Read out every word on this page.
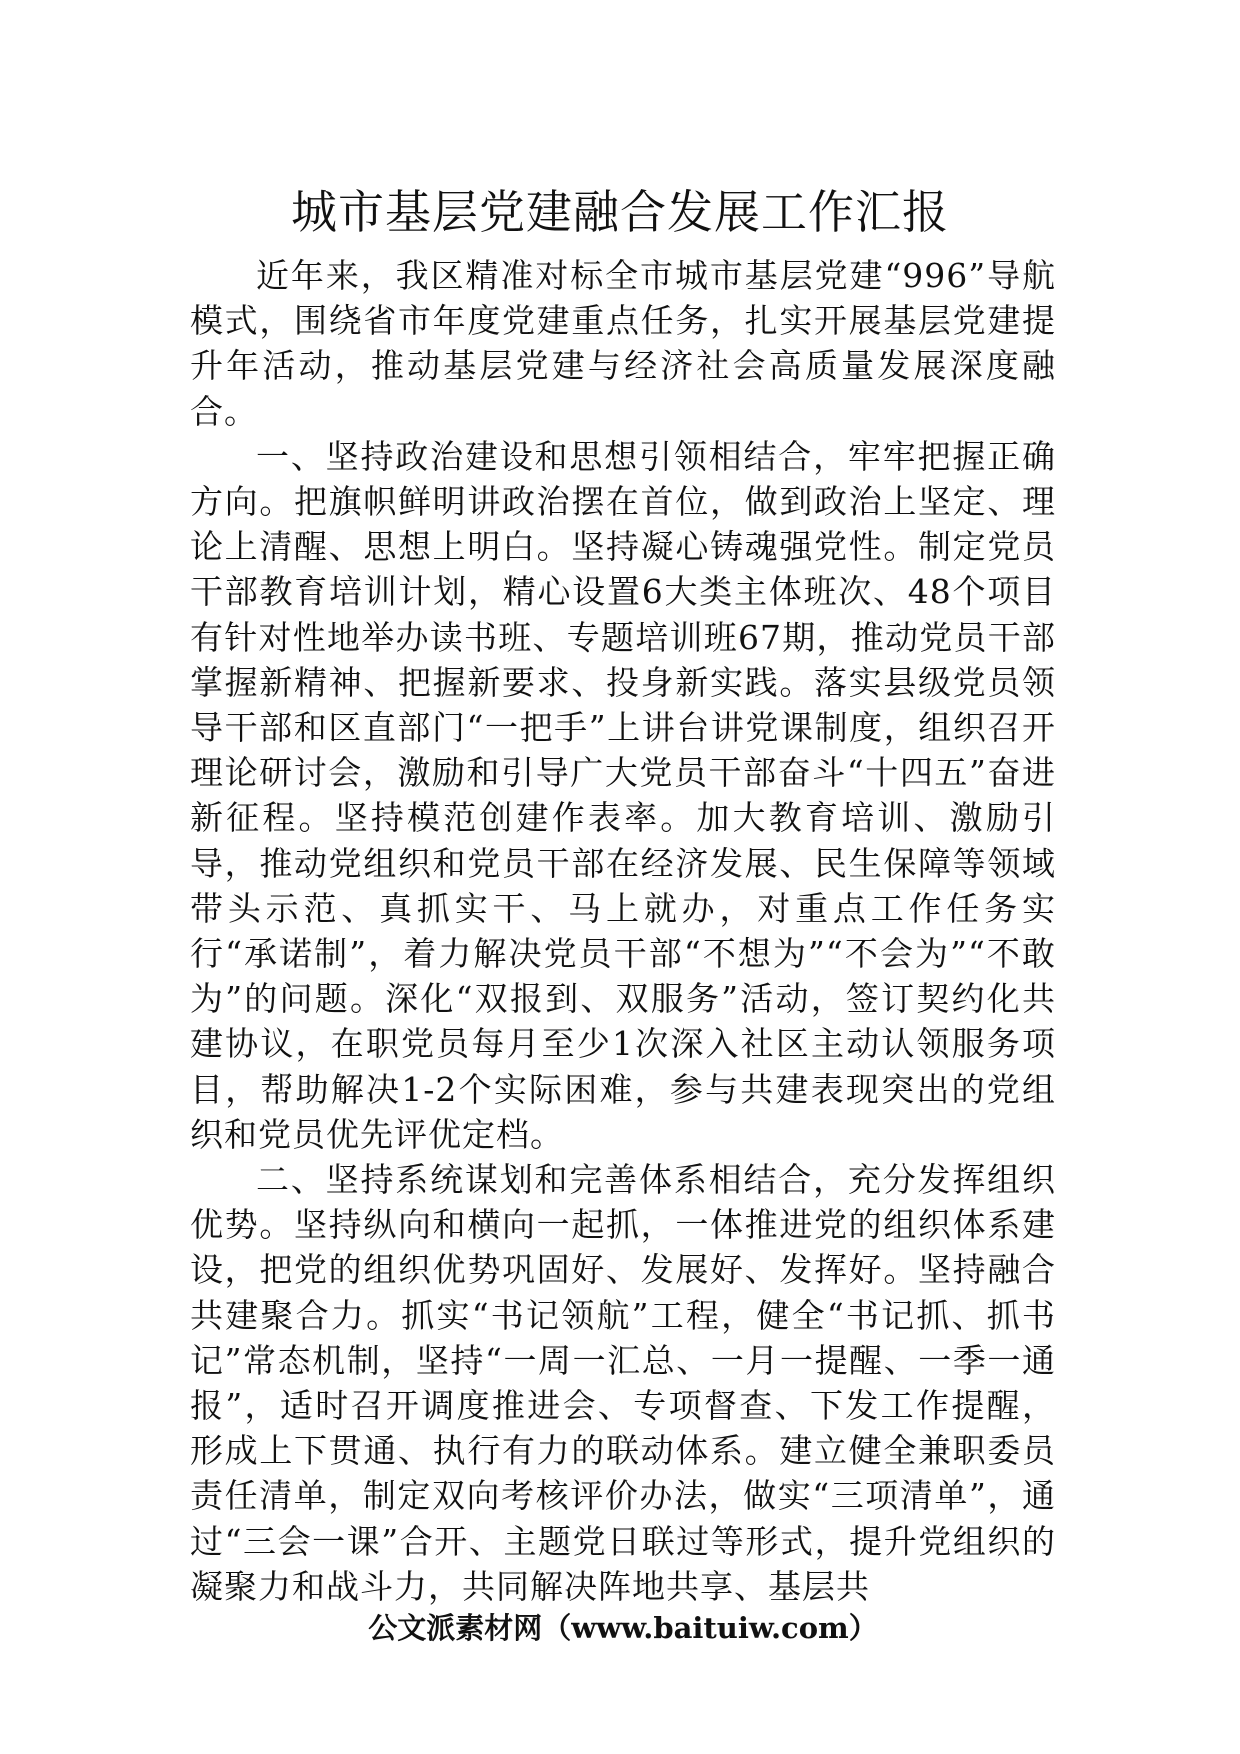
城市基层党建融合发展工作汇报

近年来，我区精准对标全市城市基层党建“996”导航模式，围绕省市年度党建重点任务，扎实开展基层党建提升年活动，推动基层党建与经济社会高质量发展深度融合。

一、坚持政治建设和思想引领相结合，牢牢把握正确方向。把旗帜鲜明讲政治摆在首位，做到政治上坚定、理论上清醒、思想上明白。坚持凝心铸魂强党性。制定党员干部教育培训计划，精心设置6大类主体班次、48个项目有针对性地举办读书班、专题培训班67期，推动党员干部掌握新精神、把握新要求、投身新实践。落实县级党员领导干部和区直部门“一把手”上讲台讲党课制度，组织召开理论研讨会，激励和引导广大党员干部奋斗“十四五”奋进新征程。坚持模范创建作表率。加大教育培训、激励引导，推动党组织和党员干部在经济发展、民生保障等领域带头示范、真抓实干、马上就办，对重点工作任务实行“承诺制”，着力解决党员干部“不想为”“不会为”“不敢为”的问题。深化“双报到、双服务”活动，签订契约化共建协议，在职党员每月至少1次深入社区主动认领服务项目，帮助解决1-2个实际困难，参与共建表现突出的党组织和党员优先评优定档。

二、坚持系统谋划和完善体系相结合，充分发挥组织优势。坚持纵向和横向一起抓，一体推进党的组织体系建设，把党的组织优势巩固好、发展好、发挥好。坚持融合共建聚合力。抓实“书记领航”工程，健全“书记抓、抓书记”常态机制，坚持“一周一汇总、一月一提醒、一季一通报”，适时召开调度推进会、专项督查、下发工作提醒，形成上下贯通、执行有力的联动体系。建立健全兼职委员责任清单，制定双向考核评价办法，做实“三项清单”，通过“三会一课”合开、主题党日联过等形式，提升党组织的凝聚力和战斗力，共同解决阵地共享、基层共

公文派素材网（www.baituiw.com）
